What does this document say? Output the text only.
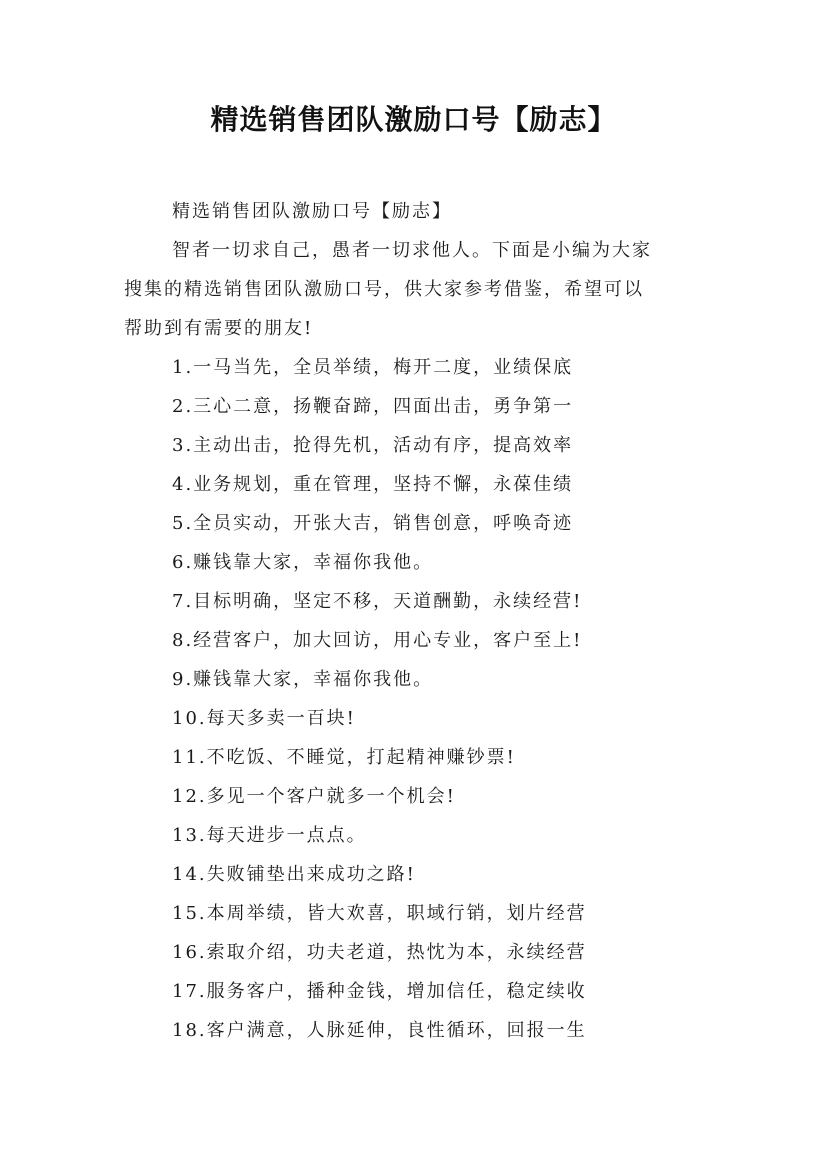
精选销售团队激励口号【励志】
精选销售团队激励口号【励志】
智者一切求自己，愚者一切求他人。下面是小编为大家
搜集的精选销售团队激励口号，供大家参考借鉴，希望可以
帮助到有需要的朋友!
1.一马当先，全员举绩，梅开二度，业绩保底
2.三心二意，扬鞭奋蹄，四面出击，勇争第一
3.主动出击，抢得先机，活动有序，提高效率
4.业务规划，重在管理，坚持不懈，永葆佳绩
5.全员实动，开张大吉，销售创意，呼唤奇迹
6.赚钱靠大家，幸福你我他。
7.目标明确，坚定不移，天道酬勤，永续经营!
8.经营客户，加大回访，用心专业，客户至上!
9.赚钱靠大家，幸福你我他。
10.每天多卖一百块!
11.不吃饭、不睡觉，打起精神赚钞票!
12.多见一个客户就多一个机会!
13.每天进步一点点。
14.失败铺垫出来成功之路!
15.本周举绩，皆大欢喜，职域行销，划片经营
16.索取介绍，功夫老道，热忱为本，永续经营
17.服务客户，播种金钱，增加信任，稳定续收
18.客户满意，人脉延伸，良性循环，回报一生
